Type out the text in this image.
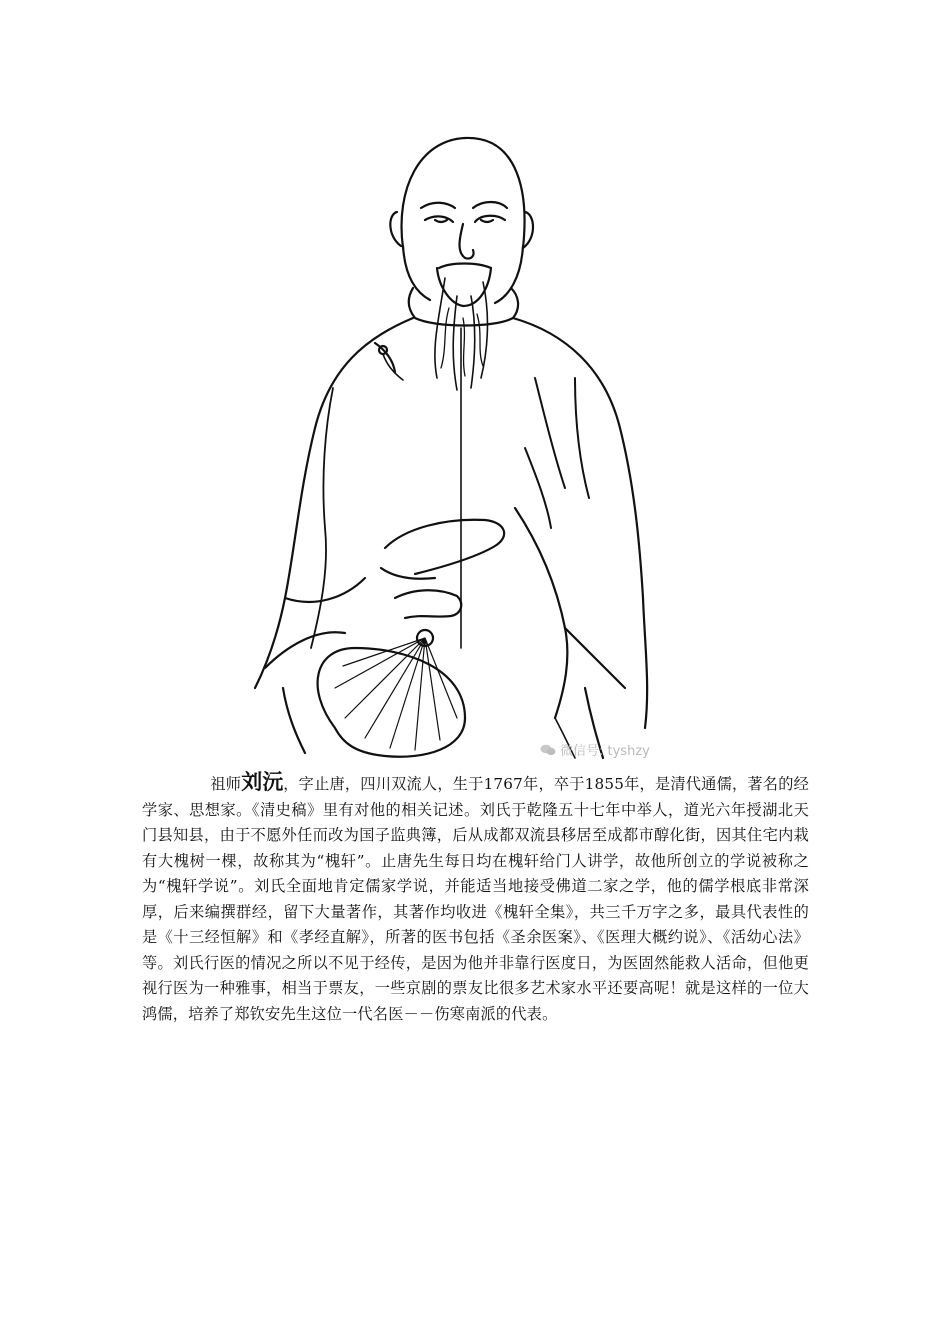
微信号: tyshzy

祖师刘沅，字止唐，四川双流人，生于1767年，卒于1855年，是清代通儒，著名的经学家、思想家。《清史稿》里有对他的相关记述。刘氏于乾隆五十七年中举人，道光六年授湖北天门县知县，由于不愿外任而改为国子监典簿，后从成都双流县移居至成都市醇化街，因其住宅内栽有大槐树一棵，故称其为“槐轩”。止唐先生每日均在槐轩给门人讲学，故他所创立的学说被称之为“槐轩学说”。刘氏全面地肯定儒家学说，并能适当地接受佛道二家之学，他的儒学根底非常深厚，后来编撰群经，留下大量著作，其著作均收进《槐轩全集》，共三千万字之多，最具代表性的是《十三经恒解》和《孝经直解》，所著的医书包括《圣余医案》、《医理大概约说》、《活幼心法》等。刘氏行医的情况之所以不见于经传，是因为他并非靠行医度日，为医固然能救人活命，但他更视行医为一种雅事，相当于票友，一些京剧的票友比很多艺术家水平还要高呢！就是这样的一位大鸿儒，培养了郑钦安先生这位一代名医－－伤寒南派的代表。
